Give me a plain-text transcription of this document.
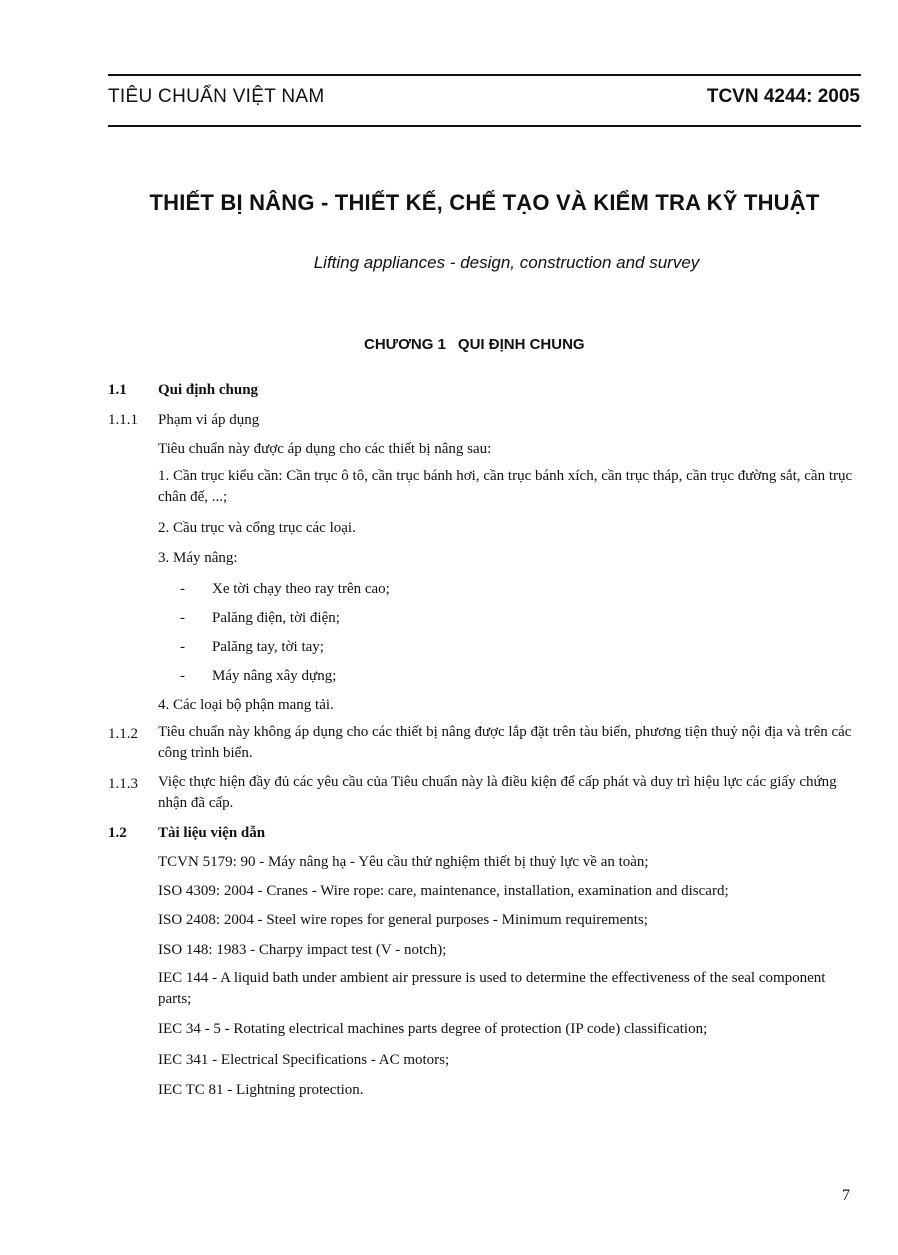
TIÊU CHUẨN VIỆT NAM	TCVN 4244: 2005
THIẾT BỊ NÂNG - THIẾT KẾ, CHẾ TẠO VÀ KIỂM TRA KỸ THUẬT
Lifting appliances - design, construction and survey
CHƯƠNG 1 QUI ĐỊNH CHUNG
1.1 Qui định chung
1.1.1 Phạm vi áp dụng
Tiêu chuẩn này được áp dụng cho các thiết bị nâng sau:
1. Cần trục kiểu cần: Cần trục ô tô, cần trục bánh hơi, cần trục bánh xích, cần trục tháp, cần trục đường sắt, cần trục chân đế, ...;
2. Cầu trục và cổng trục các loại.
3. Máy nâng:
- Xe tời chạy theo ray trên cao;
- Palăng điện, tời điện;
- Palăng tay, tời tay;
- Máy nâng xây dựng;
4. Các loại bộ phận mang tải.
1.1.2 Tiêu chuẩn này không áp dụng cho các thiết bị nâng được lắp đặt trên tàu biển, phương tiện thuỷ nội địa và trên các công trình biển.
1.1.3 Việc thực hiện đầy đủ các yêu cầu của Tiêu chuẩn này là điều kiện để cấp phát và duy trì hiệu lực các giấy chứng nhận đã cấp.
1.2 Tài liệu viện dẫn
TCVN 5179: 90 - Máy nâng hạ - Yêu cầu thử nghiệm thiết bị thuỷ lực về an toàn;
ISO 4309: 2004 - Cranes - Wire rope: care, maintenance, installation, examination and discard;
ISO 2408: 2004 - Steel wire ropes for general purposes - Minimum requirements;
ISO 148: 1983 - Charpy impact test (V - notch);
IEC 144 - A liquid bath under ambient air pressure is used to determine the effectiveness of the seal component parts;
IEC 34 - 5 - Rotating electrical machines parts degree of protection (IP code) classification;
IEC 341 - Electrical Specifications - AC motors;
IEC TC 81 - Lightning protection.
7
